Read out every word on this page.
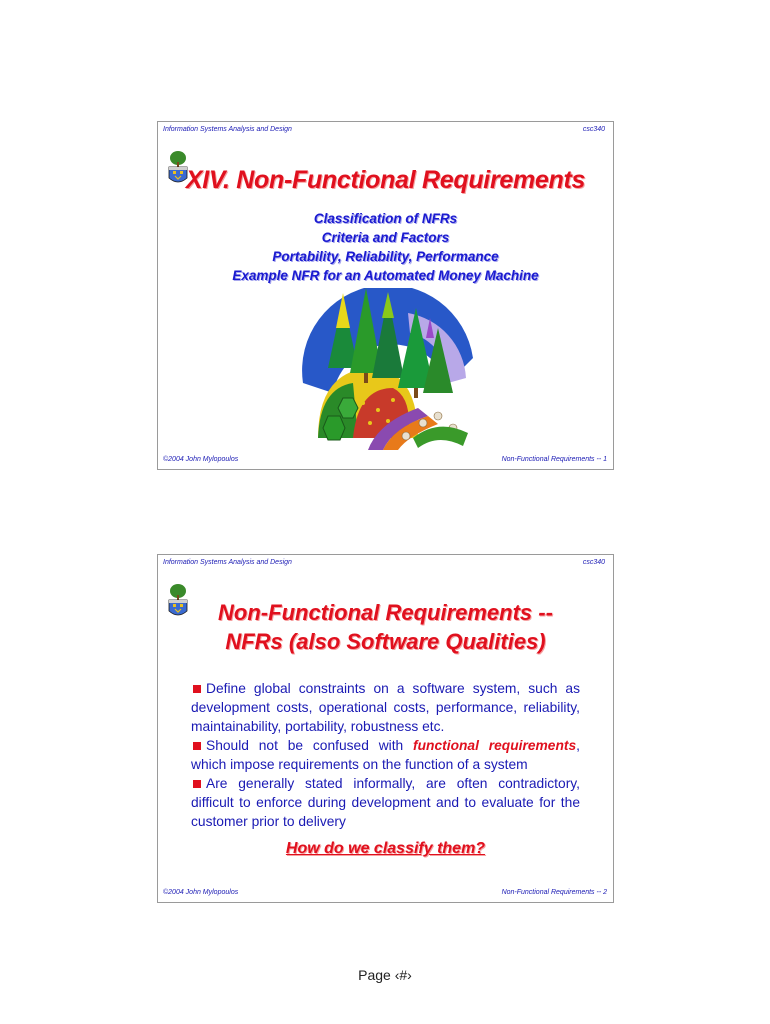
Information Systems Analysis and Design	csc340
XIV. Non-Functional Requirements
Classification of NFRs
Criteria and Factors
Portability, Reliability, Performance
Example NFR for an Automated Money Machine
©2004 John Mylopoulos	Non-Functional Requirements -- 1
Information Systems Analysis and Design	csc340
Non-Functional Requirements --
NFRs (also Software Qualities)
Define global constraints on a software system, such as development costs, operational costs, performance, reliability, maintainability, portability, robustness etc.
Should not be confused with functional requirements, which impose requirements on the function of a system
Are generally stated informally, are often contradictory, difficult to enforce during development and to evaluate for the customer prior to delivery
How do we classify them?
©2004 John Mylopoulos	Non-Functional Requirements -- 2
Page ‹#›
